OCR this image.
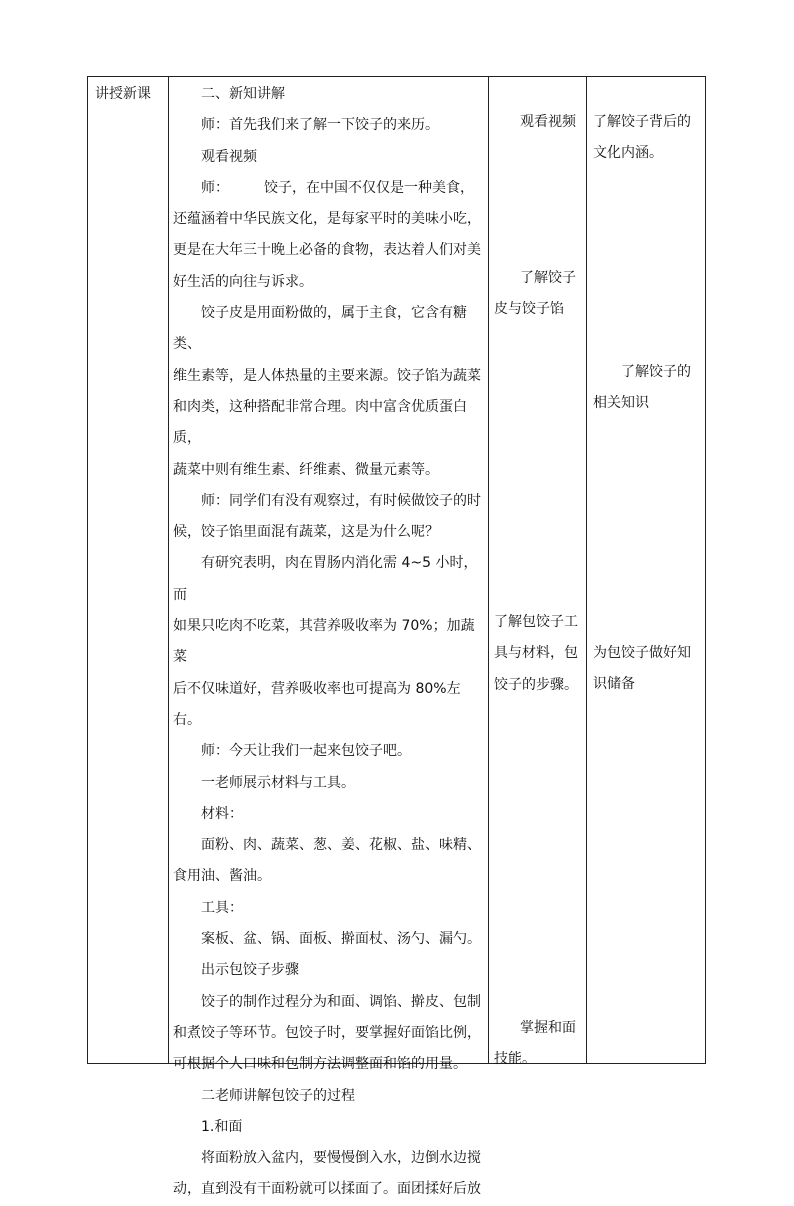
讲授新课	二、新知讲解
师：首先我们来了解一下饺子的来历。
观看视频
师：　　　饺子，在中国不仅仅是一种美食，
还蕴涵着中华民族文化，是每家平时的美味小吃，
更是在大年三十晚上必备的食物，表达着人们对美
好生活的向往与诉求。
饺子皮是用面粉做的，属于主食，它含有糖类、
维生素等，是人体热量的主要来源。饺子馅为蔬菜
和肉类，这种搭配非常合理。肉中富含优质蛋白质，
蔬菜中则有维生素、纤维素、微量元素等。
师：同学们有没有观察过，有时候做饺子的时
候，饺子馅里面混有蔬菜，这是为什么呢？
有研究表明，肉在胃肠内消化需 4~5 小时，而
如果只吃肉不吃菜，其营养吸收率为 70%；加蔬菜
后不仅味道好，营养吸收率也可提高为 80%左右。
师：今天让我们一起来包饺子吧。
一老师展示材料与工具。
材料：
面粉、肉、蔬菜、葱、姜、花椒、盐、味精、
食用油、酱油。
工具：
案板、盆、锅、面板、擀面杖、汤勺、漏勺。
出示包饺子步骤
饺子的制作过程分为和面、调馅、擀皮、包制
和煮饺子等环节。包饺子时，要掌握好面馅比例，
可根据个人口味和包制方法调整面和馅的用量。
二老师讲解包饺子的过程
1.和面
将面粉放入盆内，要慢慢倒入水，边倒水边搅
动，直到没有干面粉就可以揉面了。面团揉好后放
观看视频
了解饺子
皮与饺子馅
了解包饺子工
具与材料，包
饺子的步骤。
掌握和面
技能。
了解饺子背后的
文化内涵。
了解饺子的
相关知识
为包饺子做好知
识储备
